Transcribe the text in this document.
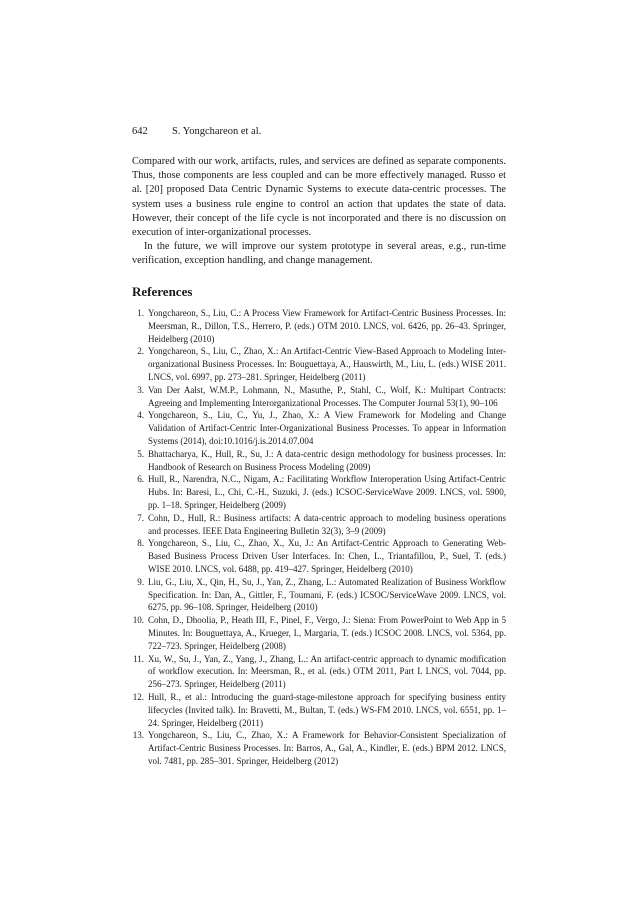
642 S. Yongchareon et al.

Compared with our work, artifacts, rules, and services are defined as separate components. Thus, those components are less coupled and can be more effectively managed. Russo et al. [20] proposed Data Centric Dynamic Systems to execute data-centric processes. The system uses a business rule engine to control an action that updates the state of data. However, their concept of the life cycle is not incorporated and there is no discussion on execution of inter-organizational processes.

In the future, we will improve our system prototype in several areas, e.g., run-time verification, exception handling, and change management.

References
1. Yongchareon, S., Liu, C.: A Process View Framework for Artifact-Centric Business Processes. In: Meersman, R., Dillon, T.S., Herrero, P. (eds.) OTM 2010. LNCS, vol. 6426, pp. 26–43. Springer, Heidelberg (2010)
2. Yongchareon, S., Liu, C., Zhao, X.: An Artifact-Centric View-Based Approach to Modeling Inter-organizational Business Processes. In: Bouguettaya, A., Hauswirth, M., Liu, L. (eds.) WISE 2011. LNCS, vol. 6997, pp. 273–281. Springer, Heidelberg (2011)
3. Van Der Aalst, W.M.P., Lohmann, N., Masuthe, P., Stahl, C., Wolf, K.: Multipart Contracts: Agreeing and Implementing Interorganizational Processes. The Computer Journal 53(1), 90–106
4. Yongchareon, S., Liu, C., Yu, J., Zhao, X.: A View Framework for Modeling and Change Validation of Artifact-Centric Inter-Organizational Business Processes. To appear in Information Systems (2014), doi:10.1016/j.is.2014.07.004
5. Bhattacharya, K., Hull, R., Su, J.: A data-centric design methodology for business processes. In: Handbook of Research on Business Process Modeling (2009)
6. Hull, R., Narendra, N.C., Nigam, A.: Facilitating Workflow Interoperation Using Artifact-Centric Hubs. In: Baresi, L., Chi, C.-H., Suzuki, J. (eds.) ICSOC-ServiceWave 2009. LNCS, vol. 5900, pp. 1–18. Springer, Heidelberg (2009)
7. Cohn, D., Hull, R.: Business artifacts: A data-centric approach to modeling business operations and processes. IEEE Data Engineering Bulletin 32(3), 3–9 (2009)
8. Yongchareon, S., Liu, C., Zhao, X., Xu, J.: An Artifact-Centric Approach to Generating Web-Based Business Process Driven User Interfaces. In: Chen, L., Triantafillou, P., Suel, T. (eds.) WISE 2010. LNCS, vol. 6488, pp. 419–427. Springer, Heidelberg (2010)
9. Liu, G., Liu, X., Qin, H., Su, J., Yan, Z., Zhang, L.: Automated Realization of Business Workflow Specification. In: Dan, A., Gittler, F., Toumani, F. (eds.) ICSOC/ServiceWave 2009. LNCS, vol. 6275, pp. 96–108. Springer, Heidelberg (2010)
10. Cohn, D., Dhoolia, P., Heath III, F., Pinel, F., Vergo, J.: Siena: From PowerPoint to Web App in 5 Minutes. In: Bouguettaya, A., Krueger, I., Margaria, T. (eds.) ICSOC 2008. LNCS, vol. 5364, pp. 722–723. Springer, Heidelberg (2008)
11. Xu, W., Su, J., Yan, Z., Yang, J., Zhang, L.: An artifact-centric approach to dynamic modification of workflow execution. In: Meersman, R., et al. (eds.) OTM 2011, Part I. LNCS, vol. 7044, pp. 256–273. Springer, Heidelberg (2011)
12. Hull, R., et al.: Introducing the guard-stage-milestone approach for specifying business entity lifecycles (Invited talk). In: Bravetti, M., Bultan, T. (eds.) WS-FM 2010. LNCS, vol. 6551, pp. 1–24. Springer, Heidelberg (2011)
13. Yongchareon, S., Liu, C., Zhao, X.: A Framework for Behavior-Consistent Specialization of Artifact-Centric Business Processes. In: Barros, A., Gal, A., Kindler, E. (eds.) BPM 2012. LNCS, vol. 7481, pp. 285–301. Springer, Heidelberg (2012)
